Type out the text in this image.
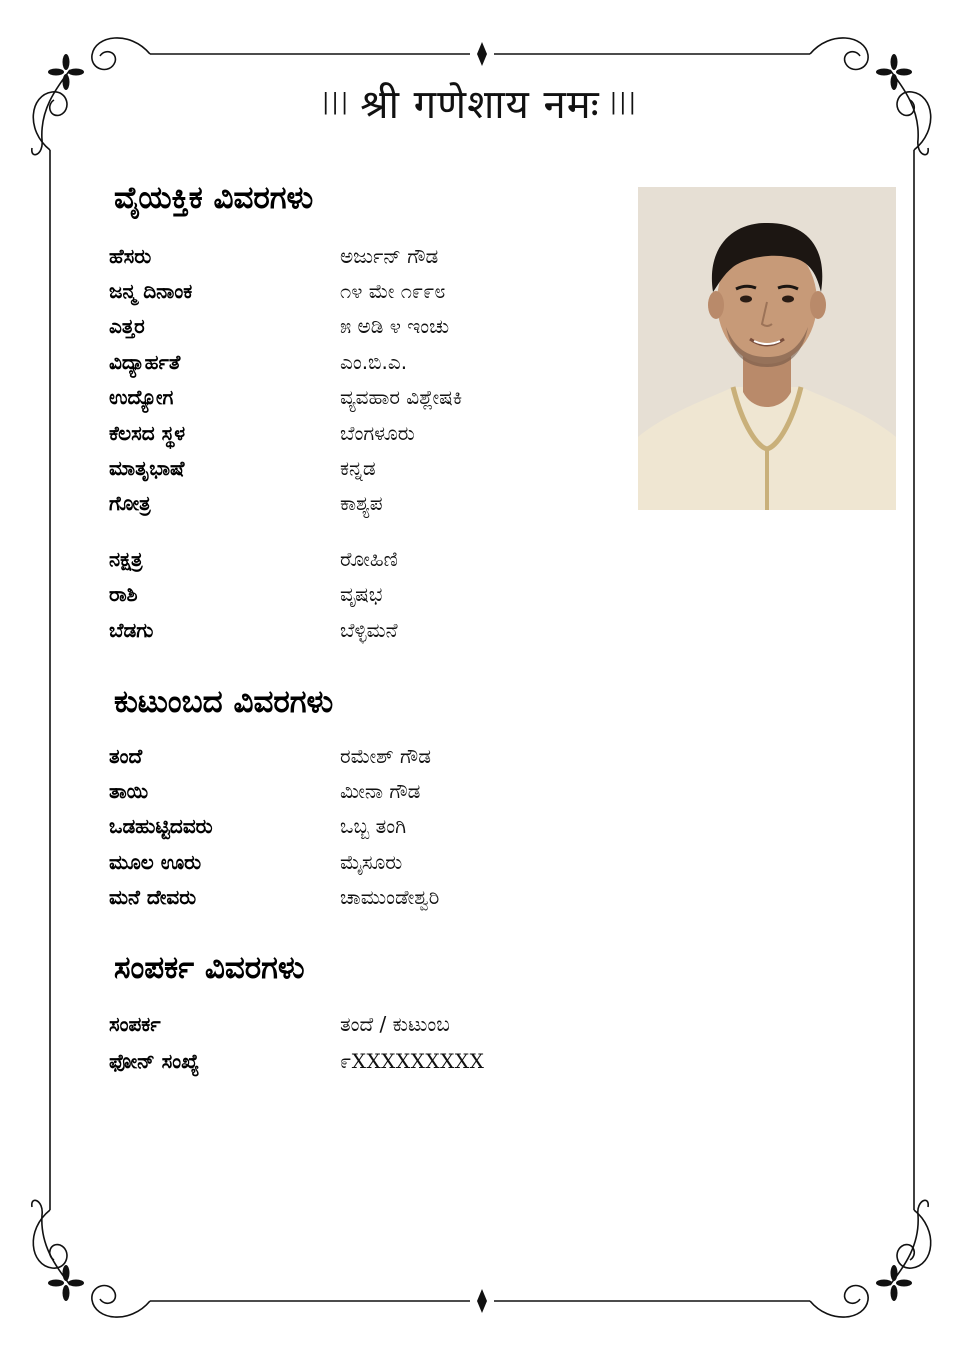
||| श्री गणेशाय नमः |||
ವೈಯಕ್ತಿಕ ವಿವರಗಳು
ಹೆಸರು	ಅರ್ಜುನ್ ಗೌಡ
ಜನ್ಮ ದಿನಾಂಕ	೧೪ ಮೇ ೧೯೯೮
ಎತ್ತರ	೫ ಅಡಿ ೪ ಇಂಚು
ವಿದ್ಯಾರ್ಹತೆ	ಎಂ.ಬಿ.ಎ.
ಉದ್ಯೋಗ	ವ್ಯವಹಾರ ವಿಶ್ಲೇಷಕಿ
ಕೆಲಸದ ಸ್ಥಳ	ಬೆಂಗಳೂರು
ಮಾತೃಭಾಷೆ	ಕನ್ನಡ
ಗೋತ್ರ	ಕಾಶ್ಯಪ
ನಕ್ಷತ್ರ	ರೋಹಿಣಿ
ರಾಶಿ	ವೃಷಭ
ಬೆಡಗು	ಬೆಳ್ಳಿಮನೆ
ಕುಟುಂಬದ ವಿವರಗಳು
ತಂದೆ	ರಮೇಶ್ ಗೌಡ
ತಾಯಿ	ಮೀನಾ ಗೌಡ
ಒಡಹುಟ್ಟಿದವರು	ಒಬ್ಬ ತಂಗಿ
ಮೂಲ ಊರು	ಮೈಸೂರು
ಮನೆ ದೇವರು	ಚಾಮುಂಡೇಶ್ವರಿ
ಸಂಪರ್ಕ ವಿವರಗಳು
ಸಂಪರ್ಕ	ತಂದೆ / ಕುಟುಂಬ
ಫೋನ್ ಸಂಖ್ಯೆ	೯XXXXXXXXX
